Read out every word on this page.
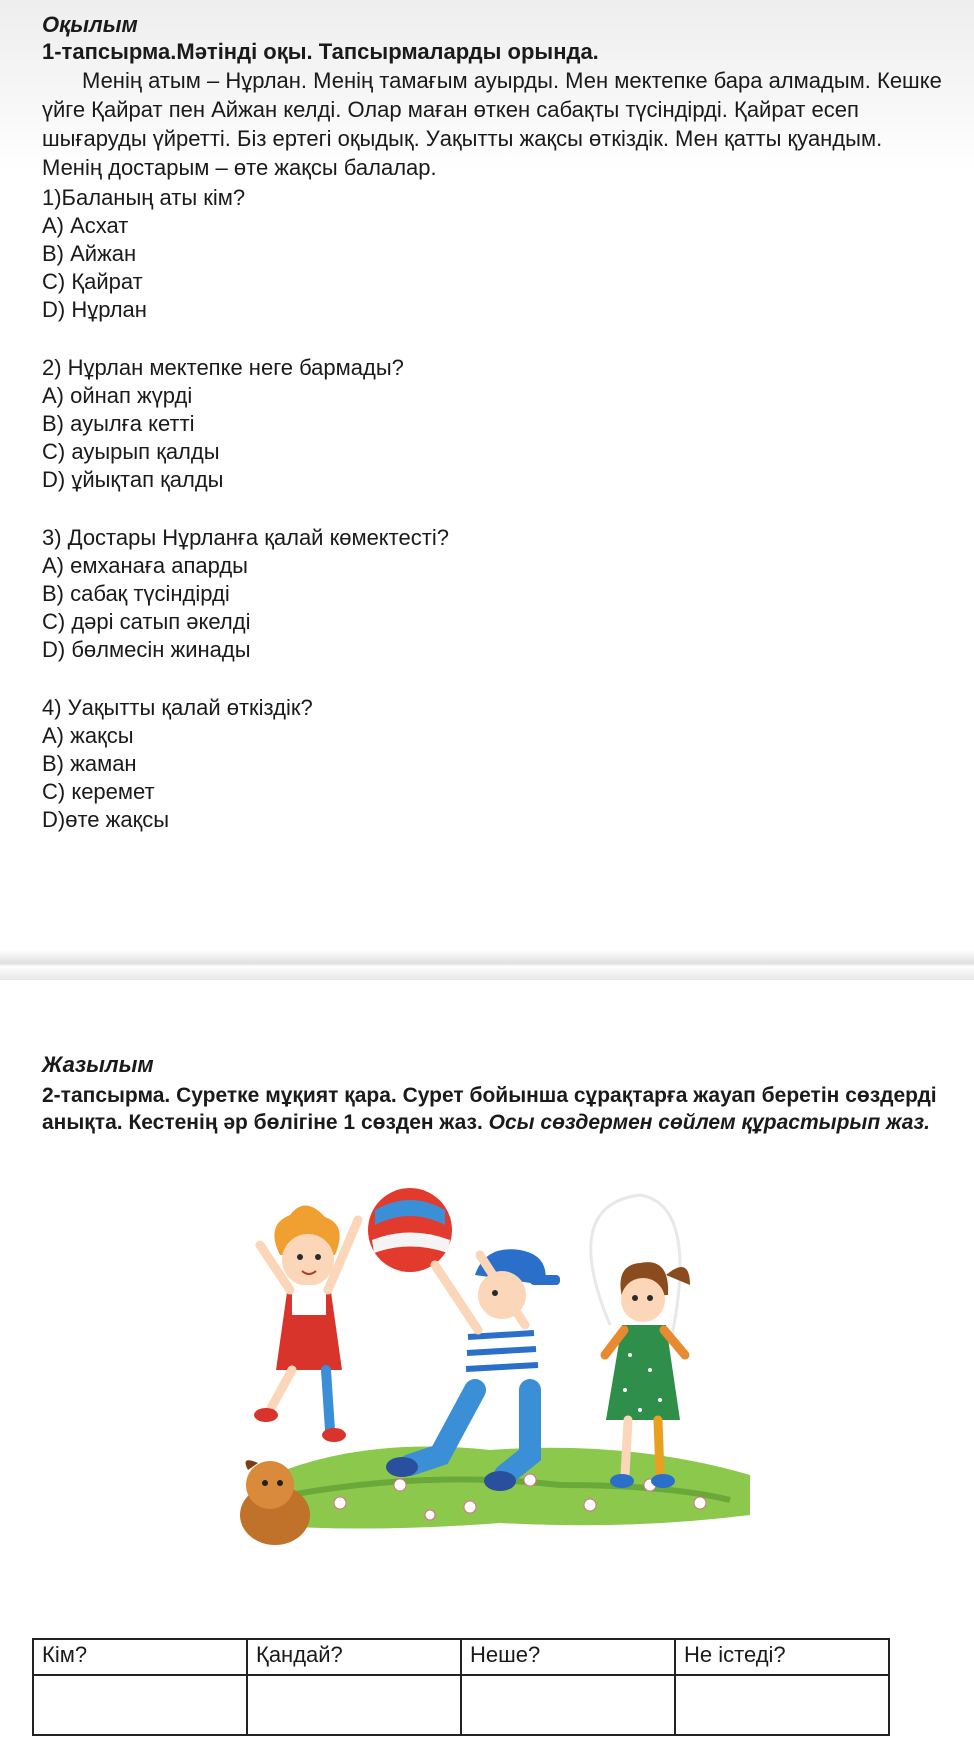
Оқылым

1-тапсырма.Мәтінді оқы. Тапсырмаларды орында.

Менің атым – Нұрлан. Менің тамағым ауырды. Мен мектепке бара алмадым. Кешке үйге Қайрат пен Айжан келді. Олар маған өткен сабақты түсіндірді. Қайрат есеп шығаруды үйретті. Біз ертегі оқыдық. Уақытты жақсы өткіздік. Мен қатты қуандым. Менің достарым – өте жақсы балалар.

1)Баланың аты кім?

А) Асхат

В) Айжан

С) Қайрат

D) Нұрлан

2) Нұрлан мектепке неге бармады?

А) ойнап жүрді

В) ауылға кетті

С) ауырып қалды

D) ұйықтап қалды

3) Достары Нұрланға қалай көмектесті?

А) емханаға апарды

В) сабақ түсіндірді

С) дәрі сатып әкелді

D) бөлмесін жинады

4) Уақытты қалай өткіздік?

А) жақсы

В) жаман

С) керемет

D)өте жақсы

Жазылым

2-тапсырма. Суретке мұқият қара. Сурет бойынша сұрақтарға жауап беретін сөздерді анықта. Кестенің әр бөлігіне 1 сөзден жаз. Осы сөздермен сөйлем құрастырып жаз.

Кім?	Қандай?	Неше?	Не істеді?
